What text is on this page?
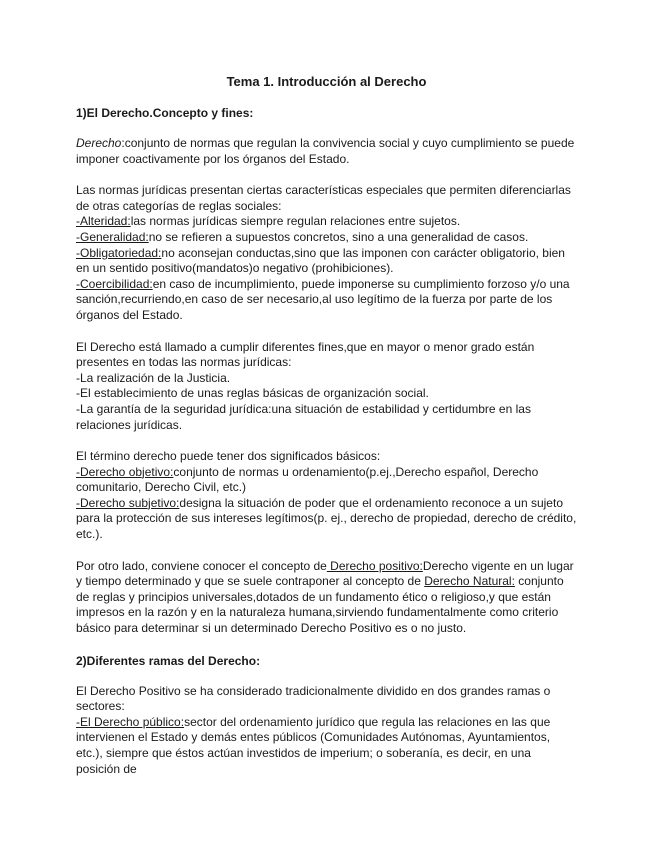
Tema 1. Introducción al Derecho
1)El Derecho.Concepto y fines:

Derecho:conjunto de normas que regulan la convivencia social y cuyo cumplimiento se puede imponer coactivamente por los órganos del Estado.

Las normas jurídicas presentan ciertas características especiales que permiten diferenciarlas de otras categorías de reglas sociales:
-Alteridad:las normas jurídicas siempre regulan relaciones entre sujetos.
-Generalidad:no se refieren a supuestos concretos, sino a una generalidad de casos.
-Obligatoriedad:no aconsejan conductas,sino que las imponen con carácter obligatorio, bien en un sentido positivo(mandatos)o negativo (prohibiciones).
-Coercibilidad:en caso de incumplimiento, puede imponerse su cumplimiento forzoso y/o una sanción,recurriendo,en caso de ser necesario,al uso legítimo de la fuerza por parte de los órganos del Estado.

El Derecho está llamado a cumplir diferentes fines,que en mayor o menor grado están presentes en todas las normas jurídicas:
-La realización de la Justicia.
-El establecimiento de unas reglas básicas de organización social.
-La garantía de la seguridad jurídica:una situación de estabilidad y certidumbre en las relaciones jurídicas.

El término derecho puede tener dos significados básicos:
-Derecho objetivo:conjunto de normas u ordenamiento(p.ej.,Derecho español, Derecho comunitario, Derecho Civil, etc.)
-Derecho subjetivo:designa la situación de poder que el ordenamiento reconoce a un sujeto para la protección de sus intereses legítimos(p. ej., derecho de propiedad, derecho de crédito, etc.).

Por otro lado, conviene conocer el concepto de Derecho positivo:Derecho vigente en un lugar y tiempo determinado y que se suele contraponer al concepto de Derecho Natural: conjunto de reglas y principios universales,dotados de un fundamento ético o religioso,y que están impresos en la razón y en la naturaleza humana,sirviendo fundamentalmente como criterio básico para determinar si un determinado Derecho Positivo es o no justo.

2)Diferentes ramas del Derecho:

El Derecho Positivo se ha considerado tradicionalmente dividido en dos grandes ramas o sectores:
-El Derecho público:sector del ordenamiento jurídico que regula las relaciones en las que intervienen el Estado y demás entes públicos (Comunidades Autónomas, Ayuntamientos, etc.), siempre que éstos actúan investidos de imperium; o soberanía, es decir, en una posición de
